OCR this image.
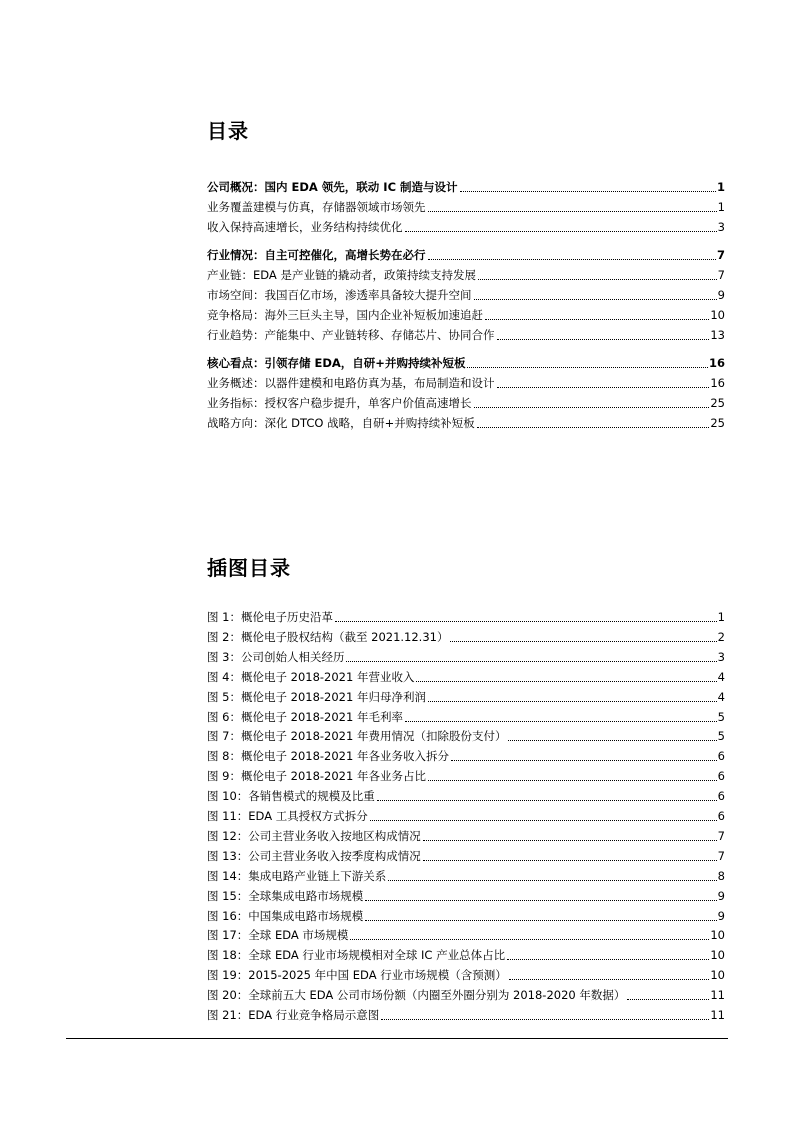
目录
公司概况：国内 EDA 领先，联动 IC 制造与设计	1
业务覆盖建模与仿真，存储器领域市场领先	1
收入保持高速增长，业务结构持续优化	3
行业情况：自主可控催化，高增长势在必行	7
产业链：EDA 是产业链的撬动者，政策持续支持发展	7
市场空间：我国百亿市场，渗透率具备较大提升空间	9
竞争格局：海外三巨头主导，国内企业补短板加速追赶	10
行业趋势：产能集中、产业链转移、存储芯片、协同合作	13
核心看点：引领存储 EDA，自研+并购持续补短板	16
业务概述：以器件建模和电路仿真为基，布局制造和设计	16
业务指标：授权客户稳步提升，单客户价值高速增长	25
战略方向：深化 DTCO 战略，自研+并购持续补短板	25
插图目录
图 1：概伦电子历史沿革	1
图 2：概伦电子股权结构（截至 2021.12.31）	2
图 3：公司创始人相关经历	3
图 4：概伦电子 2018-2021 年营业收入	4
图 5：概伦电子 2018-2021 年归母净利润	4
图 6：概伦电子 2018-2021 年毛利率	5
图 7：概伦电子 2018-2021 年费用情况（扣除股份支付）	5
图 8：概伦电子 2018-2021 年各业务收入拆分	6
图 9：概伦电子 2018-2021 年各业务占比	6
图 10：各销售模式的规模及比重	6
图 11：EDA 工具授权方式拆分	6
图 12：公司主营业务收入按地区构成情况	7
图 13：公司主营业务收入按季度构成情况	7
图 14：集成电路产业链上下游关系	8
图 15：全球集成电路市场规模	9
图 16：中国集成电路市场规模	9
图 17：全球 EDA 市场规模	10
图 18：全球 EDA 行业市场规模相对全球 IC 产业总体占比	10
图 19：2015-2025 年中国 EDA 行业市场规模（含预测）	10
图 20：全球前五大 EDA 公司市场份额（内圈至外圈分别为 2018-2020 年数据）	11
图 21：EDA 行业竞争格局示意图	11
